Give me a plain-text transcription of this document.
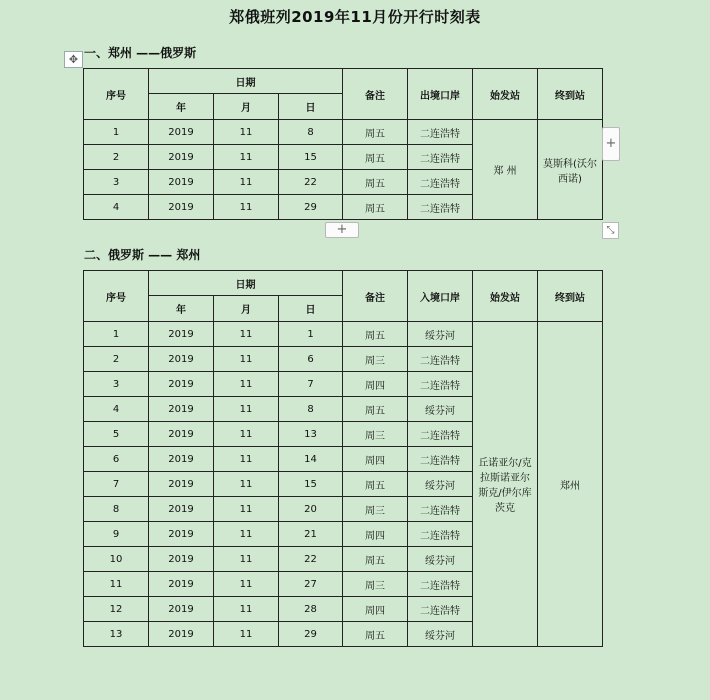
郑俄班列2019年11月份开行时刻表
✥ 一、郑州 ——俄罗斯
序号	日期			备注	出境口岸	始发站	终到站
	年	月	日				
1	2019	11	8	周五	二连浩特	郑 州	莫斯科(沃尔西诺)
2	2019	11	15	周五	二连浩特		
3	2019	11	22	周五	二连浩特		
4	2019	11	29	周五	二连浩特		
+
+	⤡
二、俄罗斯 —— 郑州
序号	日期			备注	入境口岸	始发站	终到站
	年	月	日				
1	2019	11	1	周五	绥芬河	丘诺亚尔/克拉斯诺亚尔斯克/伊尔库茨克	郑州
2	2019	11	6	周三	二连浩特		
3	2019	11	7	周四	二连浩特		
4	2019	11	8	周五	绥芬河		
5	2019	11	13	周三	二连浩特		
6	2019	11	14	周四	二连浩特		
7	2019	11	15	周五	绥芬河		
8	2019	11	20	周三	二连浩特		
9	2019	11	21	周四	二连浩特		
10	2019	11	22	周五	绥芬河		
11	2019	11	27	周三	二连浩特		
12	2019	11	28	周四	二连浩特		
13	2019	11	29	周五	绥芬河		
